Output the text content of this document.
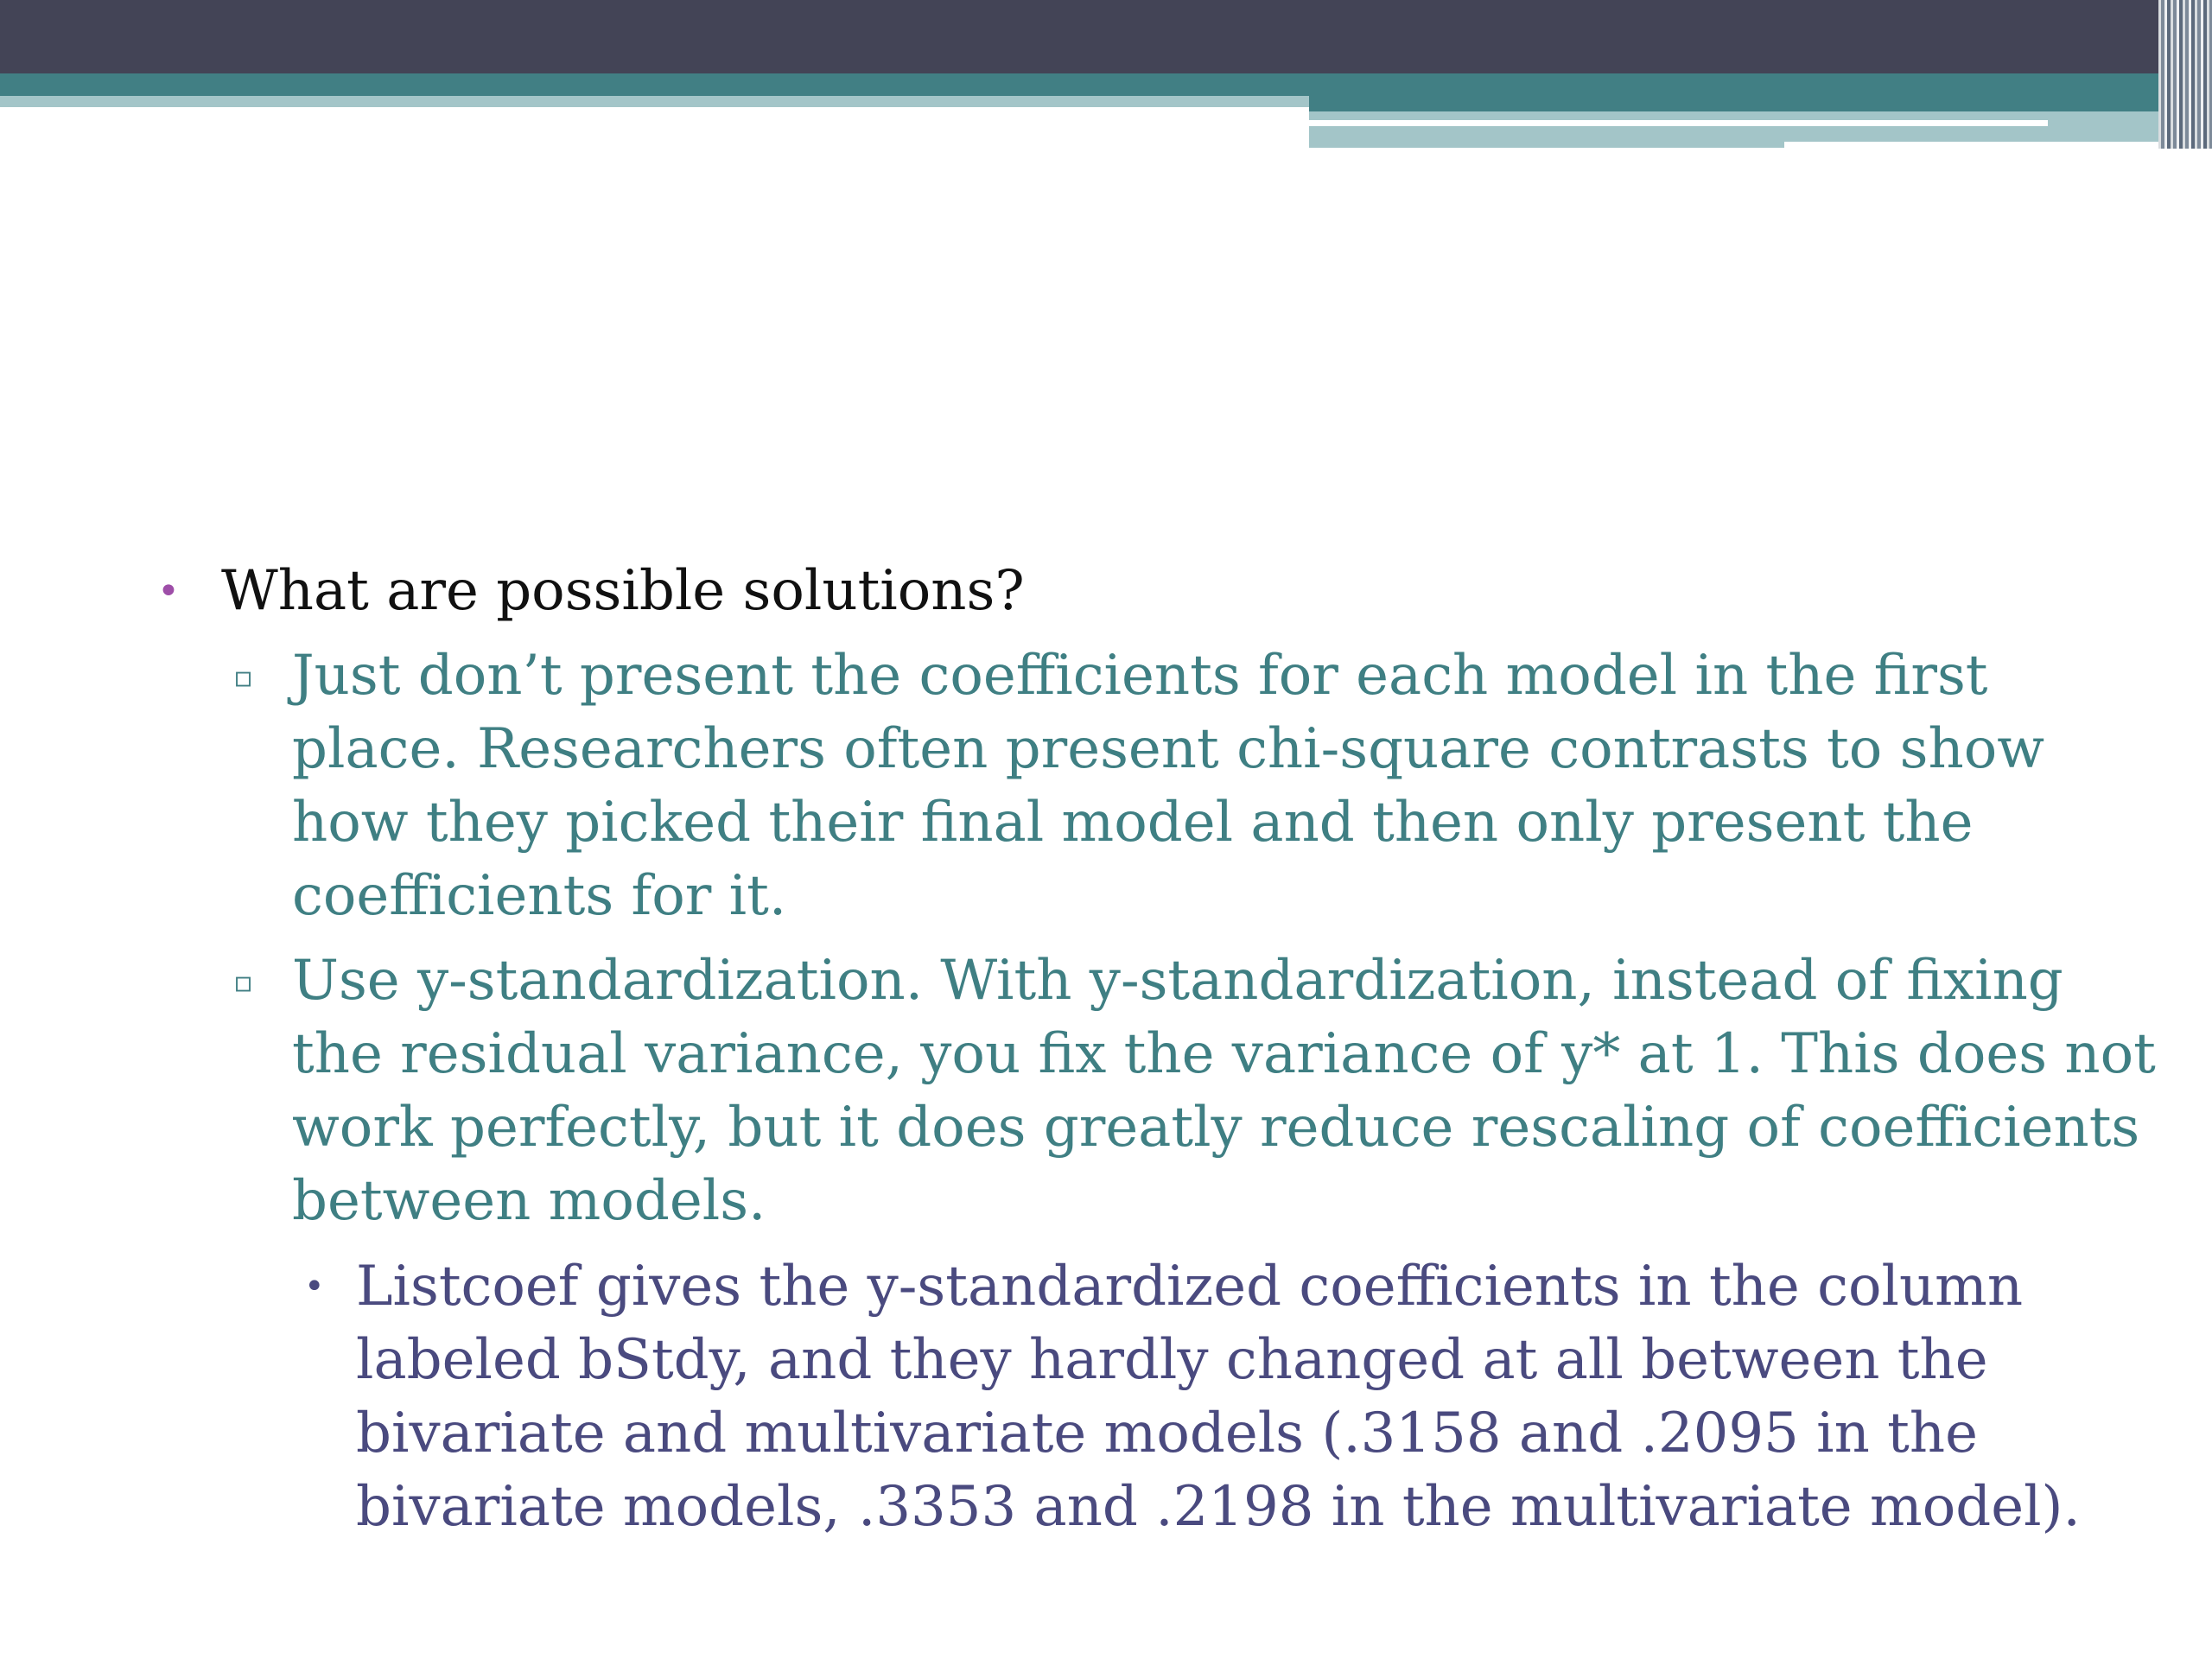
• What are possible solutions?
▫ Just don’t present the coefficients for each model in the first
place. Researchers often present chi-square contrasts to show
how they picked their final model and then only present the
coefficients for it.
▫ Use y-standardization. With y-standardization, instead of fixing
the residual variance, you fix the variance of y* at 1. This does not
work perfectly, but it does greatly reduce rescaling of coefficients
between models.
• Listcoef gives the y-standardized coefficients in the column
labeled bStdy, and they hardly changed at all between the
bivariate and multivariate models (.3158 and .2095 in the
bivariate models, .3353 and .2198 in the multivariate model).
